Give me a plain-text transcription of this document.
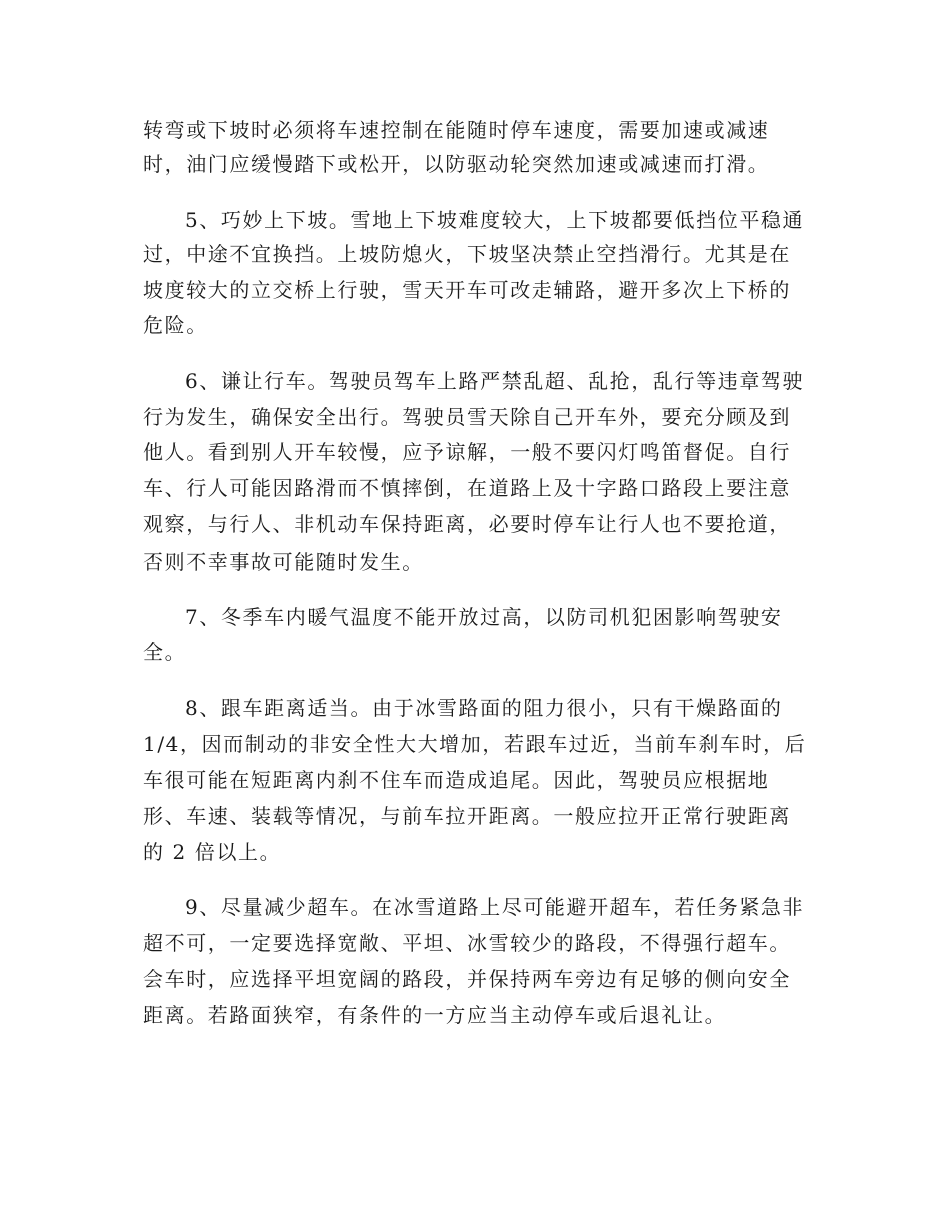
转弯或下坡时必须将车速控制在能随时停车速度，需要加速或减速

时，油门应缓慢踏下或松开，以防驱动轮突然加速或减速而打滑。

5、巧妙上下坡。雪地上下坡难度较大，上下坡都要低挡位平稳通

过，中途不宜换挡。上坡防熄火，下坡坚决禁止空挡滑行。尤其是在

坡度较大的立交桥上行驶，雪天开车可改走辅路，避开多次上下桥的

危险。

6、谦让行车。驾驶员驾车上路严禁乱超、乱抢，乱行等违章驾驶

行为发生，确保安全出行。驾驶员雪天除自己开车外，要充分顾及到

他人。看到别人开车较慢，应予谅解，一般不要闪灯鸣笛督促。自行

车、行人可能因路滑而不慎摔倒，在道路上及十字路口路段上要注意

观察，与行人、非机动车保持距离，必要时停车让行人也不要抢道，

否则不幸事故可能随时发生。

7、冬季车内暖气温度不能开放过高，以防司机犯困影响驾驶安

全。

8、跟车距离适当。由于冰雪路面的阻力很小，只有干燥路面的

1/4，因而制动的非安全性大大增加，若跟车过近，当前车刹车时，后

车很可能在短距离内刹不住车而造成追尾。因此，驾驶员应根据地

形、车速、装载等情况，与前车拉开距离。一般应拉开正常行驶距离

的 2 倍以上。

9、尽量减少超车。在冰雪道路上尽可能避开超车，若任务紧急非

超不可，一定要选择宽敞、平坦、冰雪较少的路段，不得强行超车。

会车时，应选择平坦宽阔的路段，并保持两车旁边有足够的侧向安全

距离。若路面狭窄，有条件的一方应当主动停车或后退礼让。
